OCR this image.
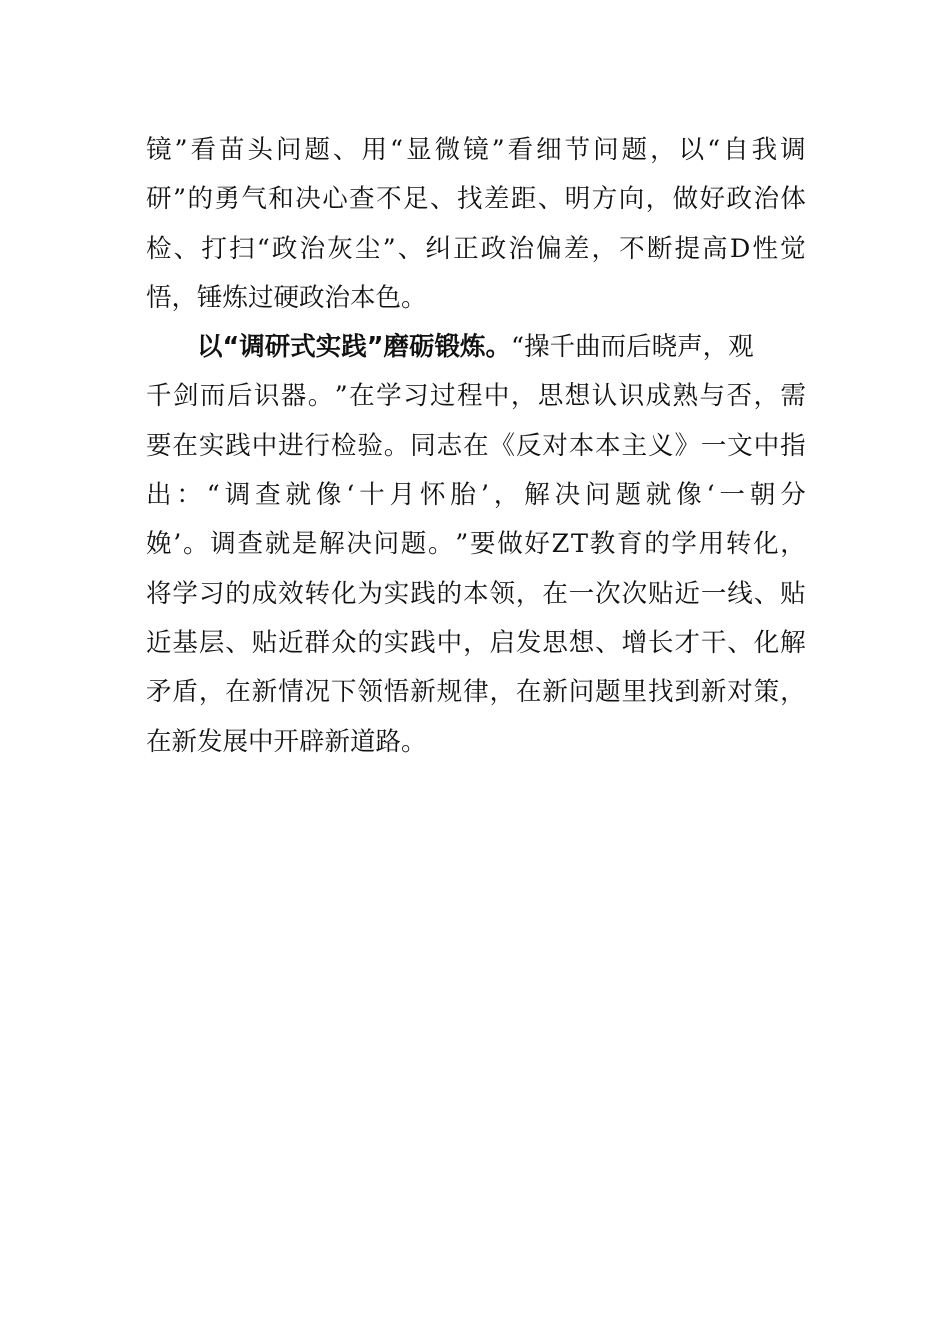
镜 ” 看 苗 头 问 题 、 用 “ 显 微 镜 ” 看 细 节 问 题 ， 以 “ 自 我 调
研 ” 的 勇 气 和 决 心 查 不 足 、 找 差 距 、 明 方 向 ， 做 好 政 治 体
检 、 打 扫 “ 政 治 灰 尘 ” 、 纠 正 政 治 偏 差 ， 不 断 提 高 D 性 觉
悟，锤炼过硬政治本色。
以“调研式实践”磨砺锻炼。“操千曲而后晓声，观
千 剑 而 后 识 器 。 ” 在 学 习 过 程 中 ， 思 想 认 识 成 熟 与 否 ， 需
要 在 实 践 中 进 行 检 验 。 同 志 在 《 反 对 本 本 主 义 》 一 文 中 指
出 ： “ 调 查 就 像 ‘ 十 月 怀 胎 ’ ， 解 决 问 题 就 像 ‘ 一 朝 分
娩 ’ 。 调 查 就 是 解 决 问 题 。 ” 要 做 好 Z T 教 育 的 学 用 转 化 ，
将 学 习 的 成 效 转 化 为 实 践 的 本 领 ， 在 一 次 次 贴 近 一 线 、 贴
近 基 层 、 贴 近 群 众 的 实 践 中 ， 启 发 思 想 、 增 长 才 干 、 化 解
矛 盾 ， 在 新 情 况 下 领 悟 新 规 律 ， 在 新 问 题 里 找 到 新 对 策 ，
在新发展中开辟新道路。
